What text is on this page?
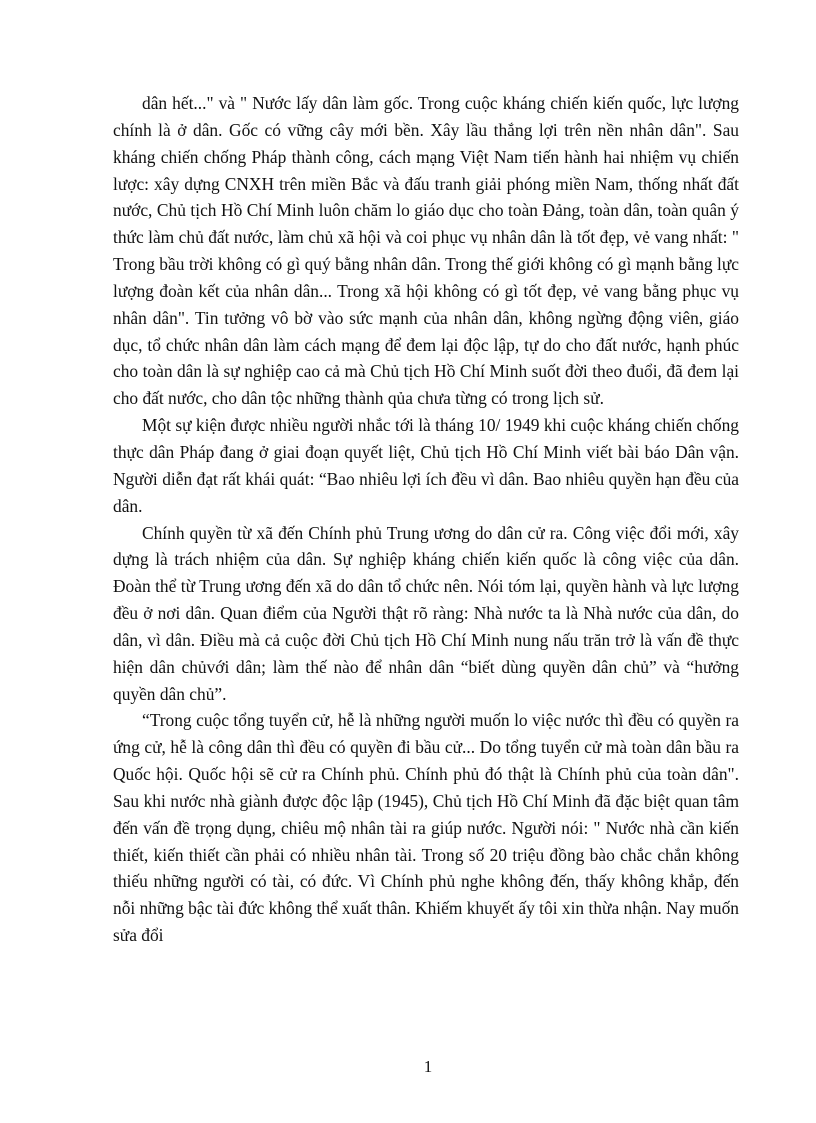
dân hết..." và " Nước lấy dân làm gốc. Trong cuộc kháng chiến kiến quốc, lực lượng chính là ở dân. Gốc có vững cây mới bền. Xây lầu thắng lợi trên nền nhân dân". Sau kháng chiến chống Pháp thành công, cách mạng Việt Nam tiến hành hai nhiệm vụ chiến lược: xây dựng CNXH trên miền Bắc và đấu tranh giải phóng miền Nam, thống nhất đất nước, Chủ tịch Hồ Chí Minh luôn chăm lo giáo dục cho toàn Đảng, toàn dân, toàn quân ý thức làm chủ đất nước, làm chủ xã hội và coi phục vụ nhân dân là tốt đẹp, vẻ vang nhất: " Trong bầu trời không có gì quý bằng nhân dân. Trong thế giới không có gì mạnh bằng lực lượng đoàn kết của nhân dân... Trong xã hội không có gì tốt đẹp, vẻ vang bằng phục vụ nhân dân". Tin tưởng vô bờ vào sức mạnh của nhân dân, không ngừng động viên, giáo dục, tổ chức nhân dân làm cách mạng để đem lại độc lập, tự do cho đất nước, hạnh phúc cho toàn dân là sự nghiệp cao cả mà Chủ tịch Hồ Chí Minh suốt đời theo đuổi, đã đem lại cho đất nước, cho dân tộc những thành qủa chưa từng có trong lịch sử.

Một sự kiện được nhiều người nhắc tới là tháng 10/ 1949 khi cuộc kháng chiến chống thực dân Pháp đang ở giai đoạn quyết liệt, Chủ tịch Hồ Chí Minh viết bài báo Dân vận. Người diễn đạt rất khái quát: “Bao nhiêu lợi ích đều vì dân. Bao nhiêu quyền hạn đều của dân.

Chính quyền từ xã đến Chính phủ Trung ương do dân cử ra. Công việc đổi mới, xây dựng là trách nhiệm của dân. Sự nghiệp kháng chiến kiến quốc là công việc của dân. Đoàn thể từ Trung ương đến xã do dân tổ chức nên. Nói tóm lại, quyền hành và lực lượng đều ở nơi dân. Quan điểm của Người thật rõ ràng: Nhà nước ta là Nhà nước của dân, do dân, vì dân. Điều mà cả cuộc đời Chủ tịch Hồ Chí Minh nung nấu trăn trở là vấn đề thực hiện dân chủvới dân; làm thế nào để nhân dân “biết dùng quyền dân chủ” và “hưởng quyền dân chủ”.

“Trong cuộc tổng tuyển cử, hễ là những người muốn lo việc nước thì đều có quyền ra ứng cử, hễ là công dân thì đều có quyền đi bầu cử... Do tổng tuyển cử mà toàn dân bầu ra Quốc hội. Quốc hội sẽ cử ra Chính phủ. Chính phủ đó thật là Chính phủ của toàn dân". Sau khi nước nhà giành được độc lập (1945), Chủ tịch Hồ Chí Minh đã đặc biệt quan tâm đến vấn đề trọng dụng, chiêu mộ nhân tài ra giúp nước. Người nói: " Nước nhà cần kiến thiết, kiến thiết cần phải có nhiều nhân tài. Trong số 20 triệu đồng bào chắc chắn không thiếu những người có tài, có đức. Vì Chính phủ nghe không đến, thấy không khắp, đến nỗi những bậc tài đức không thể xuất thân. Khiếm khuyết ấy tôi xin thừa nhận. Nay muốn sửa đổi

1
